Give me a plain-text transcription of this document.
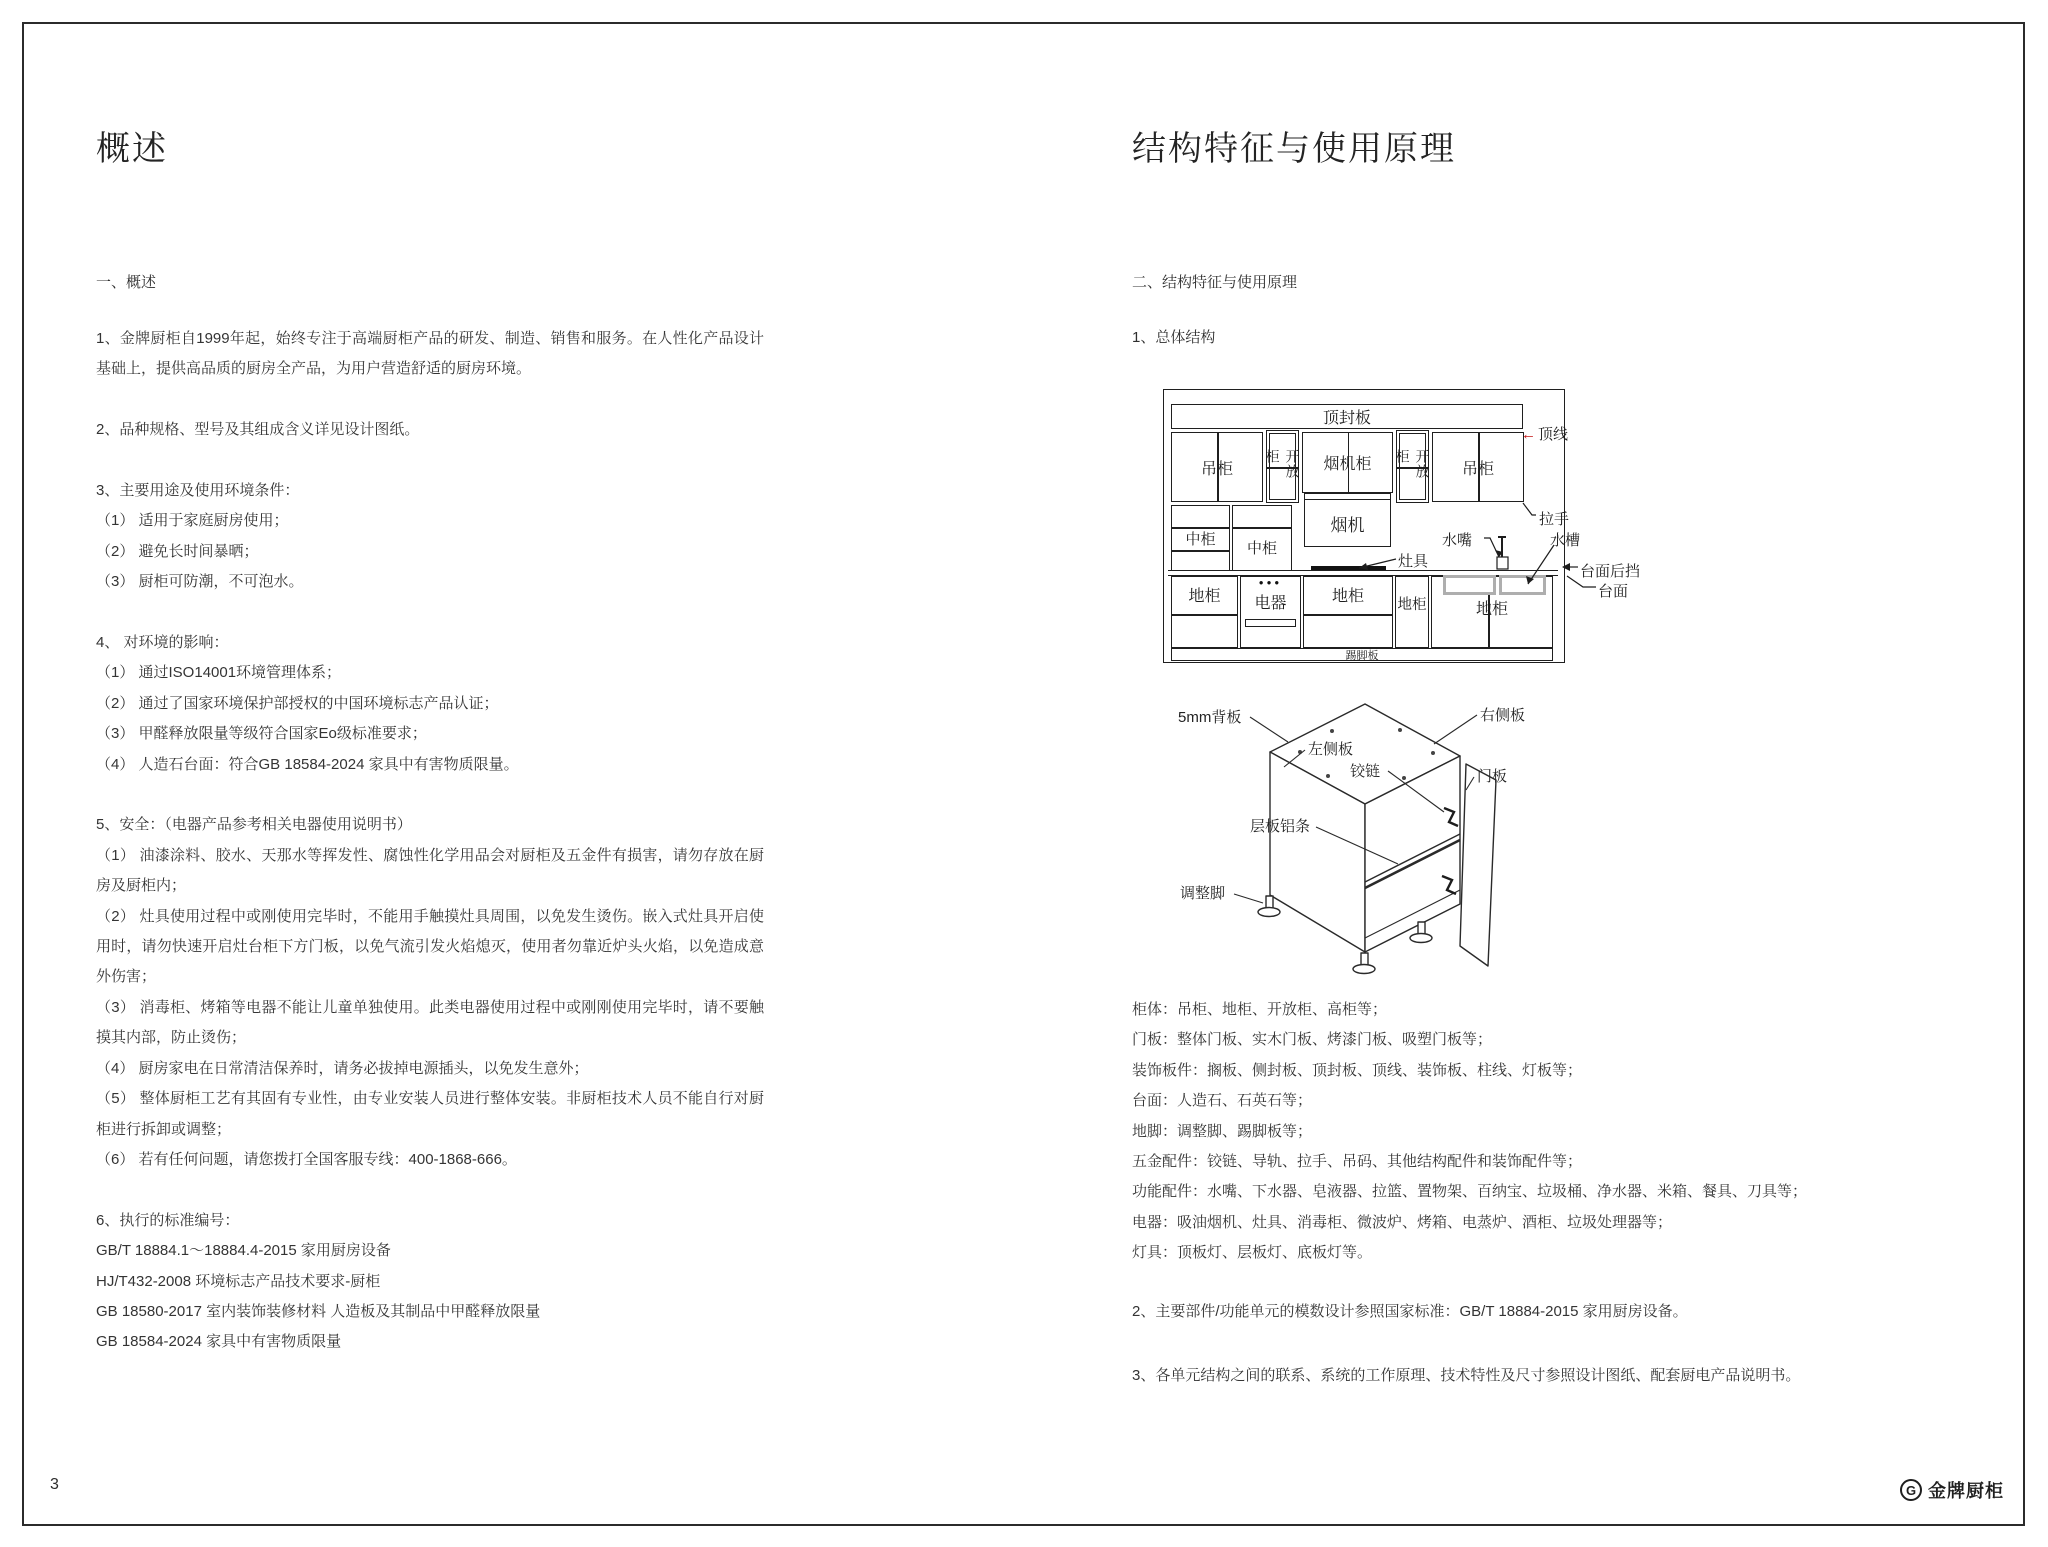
概述
一、概述

1、金牌厨柜自1999年起，始终专注于高端厨柜产品的研发、制造、销售和服务。在人性化产品设计基础上，提供高品质的厨房全产品，为用户营造舒适的厨房环境。

2、品种规格、型号及其组成含义详见设计图纸。

3、主要用途及使用环境条件：

（1） 适用于家庭厨房使用；

（2） 避免长时间暴晒；

（3） 厨柜可防潮，不可泡水。

4、 对环境的影响：

（1） 通过ISO14001环境管理体系；

（2） 通过了国家环境保护部授权的中国环境标志产品认证；

（3） 甲醛释放限量等级符合国家Eo级标准要求；

（4） 人造石台面：符合GB 18584-2024 家具中有害物质限量。

5、安全：（电器产品参考相关电器使用说明书）

（1） 油漆涂料、胶水、天那水等挥发性、腐蚀性化学用品会对厨柜及五金件有损害，请勿存放在厨房及厨柜内；

（2） 灶具使用过程中或刚使用完毕时，不能用手触摸灶具周围，以免发生烫伤。嵌入式灶具开启使用时，请勿快速开启灶台柜下方门板，以免气流引发火焰熄灭，使用者勿靠近炉头火焰，以免造成意外伤害；

（3） 消毒柜、烤箱等电器不能让儿童单独使用。此类电器使用过程中或刚刚使用完毕时，请不要触摸其内部，防止烫伤；

（4） 厨房家电在日常清洁保养时，请务必拔掉电源插头，以免发生意外；

（5） 整体厨柜工艺有其固有专业性，由专业安装人员进行整体安装。非厨柜技术人员不能自行对厨柜进行拆卸或调整；

（6） 若有任何问题，请您拨打全国客服专线：400-1868-666。

6、执行的标准编号：

GB/T 18884.1～18884.4-2015 家用厨房设备

HJ/T432-2008 环境标志产品技术要求-厨柜

GB 18580-2017 室内装饰装修材料 人造板及其制品中甲醛释放限量

GB 18584-2024 家具中有害物质限量

结构特征与使用原理
二、结构特征与使用原理
1、总体结构
顶封板
吊柜	开放柜	烟机柜	开放柜
吊柜
烟机
中柜
中柜
地柜
●●●
电器	地柜	地柜	地柜
踢脚板
← 顶线
拉手
水嘴	水槽
台面后挡
台面
灶具
5mm背板	右侧板
左侧板
铰链	门板
层板铝条
调整脚

柜体：吊柜、地柜、开放柜、高柜等；

门板：整体门板、实木门板、烤漆门板、吸塑门板等；

装饰板件：搁板、侧封板、顶封板、顶线、装饰板、柱线、灯板等；

台面：人造石、石英石等；

地脚：调整脚、踢脚板等；

五金配件：铰链、导轨、拉手、吊码、其他结构配件和装饰配件等；

功能配件：水嘴、下水器、皂液器、拉篮、置物架、百纳宝、垃圾桶、净水器、米箱、餐具、刀具等；

电器：吸油烟机、灶具、消毒柜、微波炉、烤箱、电蒸炉、酒柜、垃圾处理器等；

灯具：顶板灯、层板灯、底板灯等。

2、主要部件/功能单元的模数设计参照国家标准：GB/T 18884-2015 家用厨房设备。

3、各单元结构之间的联系、系统的工作原理、技术特性及尺寸参照设计图纸、配套厨电产品说明书。

3	G 金牌厨柜
